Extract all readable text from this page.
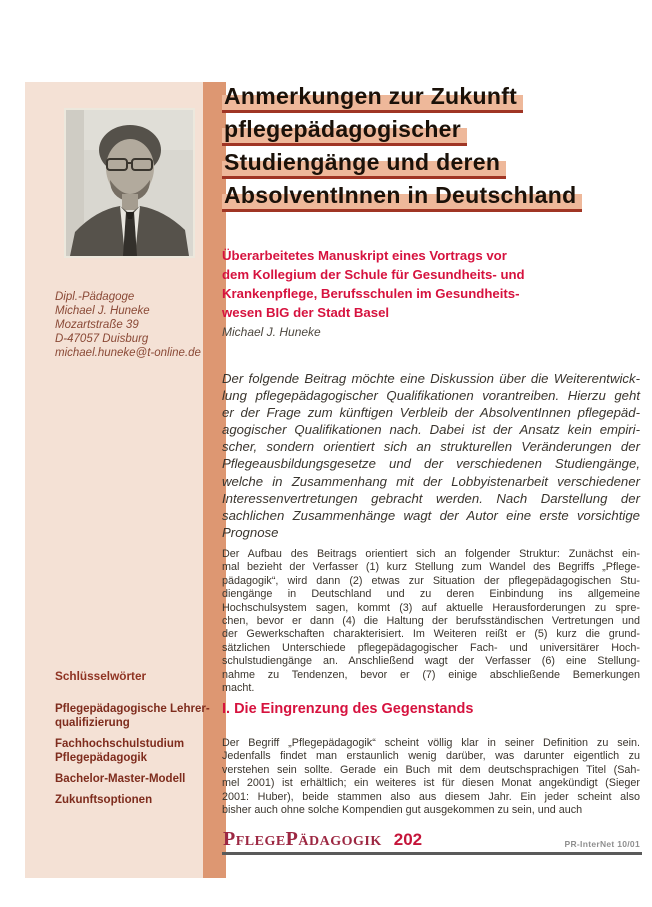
Dipl.-Pädagoge
Michael J. Huneke
Mozartstraße 39
D-47057 Duisburg
michael.huneke@t-online.de
Schlüsselwörter
Pflegepädagogische Lehrer-
qualifizierung
Fachhochschulstudium
Pflegepädagogik
Bachelor-Master-Modell
Zukunftsoptionen
Anmerkungen zur Zukunft
pflegepädagogischer
Studiengänge und deren
AbsolventInnen in Deutschland
Überarbeitetes Manuskript eines Vortrags vor
dem Kollegium der Schule für Gesundheits- und
Krankenpflege, Berufsschulen im Gesundheits-
wesen BIG der Stadt Basel
Michael J. Huneke
Der folgende Beitrag möchte eine Diskussion über die Weiterentwick-
lung pflegepädagogischer Qualifikationen vorantreiben. Hierzu geht
er der Frage zum künftigen Verbleib der AbsolventInnen pflegepäd-
agogischer Qualifikationen nach. Dabei ist der Ansatz kein empiri-
scher, sondern orientiert sich an strukturellen Veränderungen der
Pflegeausbildungsgesetze und der verschiedenen Studiengänge,
welche in Zusammenhang mit der Lobbyistenarbeit verschiedener
Interessenvertretungen gebracht werden. Nach Darstellung der
sachlichen Zusammenhänge wagt der Autor eine erste vorsichtige
Prognose
Der Aufbau des Beitrags orientiert sich an folgender Struktur: Zunächst ein-
mal bezieht der Verfasser (1) kurz Stellung zum Wandel des Begriffs „Pflege-
pädagogik“, wird dann (2) etwas zur Situation der pflegepädagogischen Stu-
diengänge in Deutschland und zu deren Einbindung ins allgemeine
Hochschulsystem sagen, kommt (3) auf aktuelle Herausforderungen zu spre-
chen, bevor er dann (4) die Haltung der berufsständischen Vertretungen und
der Gewerkschaften charakterisiert. Im Weiteren reißt er (5) kurz die grund-
sätzlichen Unterschiede pflegepädagogischer Fach- und universitärer Hoch-
schulstudiengänge an. Anschließend wagt der Verfasser (6) eine Stellung-
nahme zu Tendenzen, bevor er (7) einige abschließende Bemerkungen
macht.
I. Die Eingrenzung des Gegenstands
Der Begriff „Pflegepädagogik“ scheint völlig klar in seiner Definition zu sein.
Jedenfalls findet man erstaunlich wenig darüber, was darunter eigentlich zu
verstehen sein sollte. Gerade ein Buch mit dem deutschsprachigen Titel (Sah-
mel 2001) ist erhältlich; ein weiteres ist für diesen Monat angekündigt (Sieger
2001: Huber), beide stammen also aus diesem Jahr. Ein jeder scheint also
bisher auch ohne solche Kompendien gut ausgekommen zu sein, und auch
PflegePädagogik 202	PR-InterNet 10/01
